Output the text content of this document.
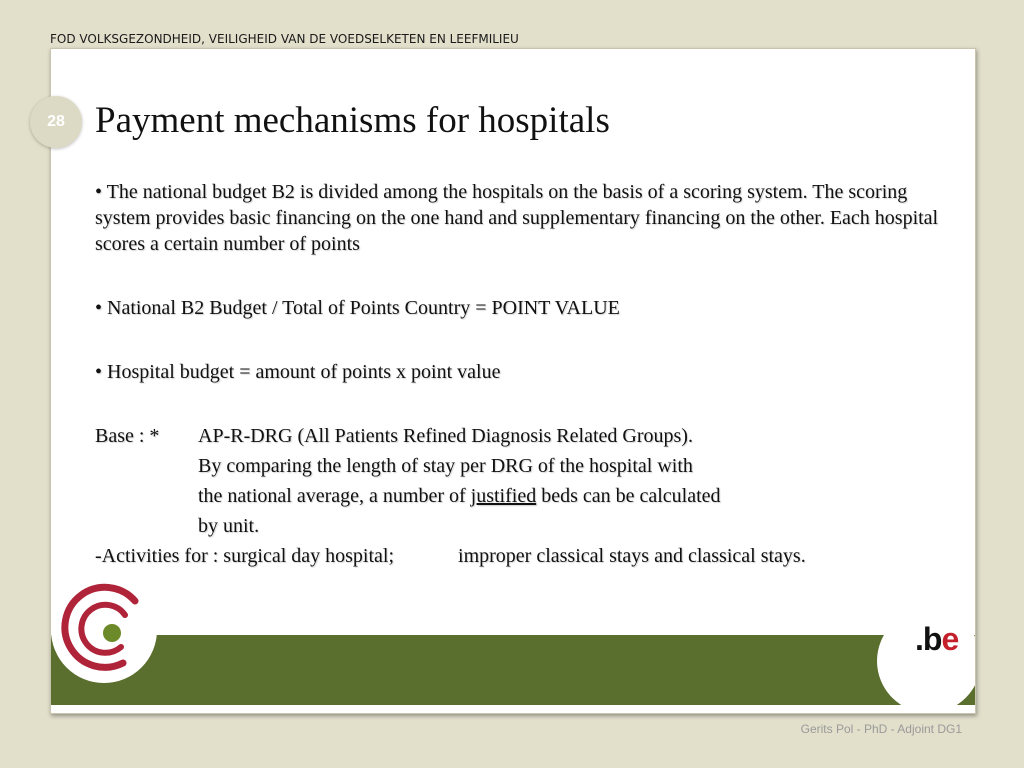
FOD VOLKSGEZONDHEID, VEILIGHEID VAN DE VOEDSELKETEN EN LEEFMILIEU
28 Payment mechanisms for hospitals
• The national budget B2 is divided among the hospitals on the basis of a scoring system. The scoring system provides basic financing on the one hand and supplementary financing on the other. Each hospital scores a certain number of points
• National B2 Budget / Total of Points Country = POINT VALUE
• Hospital budget = amount of points x point value
Base : * AP-R-DRG (All Patients Refined Diagnosis Related Groups).
By comparing the length of stay per DRG of the hospital with
the national average, a number of justified beds can be calculated
by unit.
-Activities for : surgical day hospital;	improper classical stays and classical stays.
.be
Gerits Pol - PhD - Adjoint DG1
